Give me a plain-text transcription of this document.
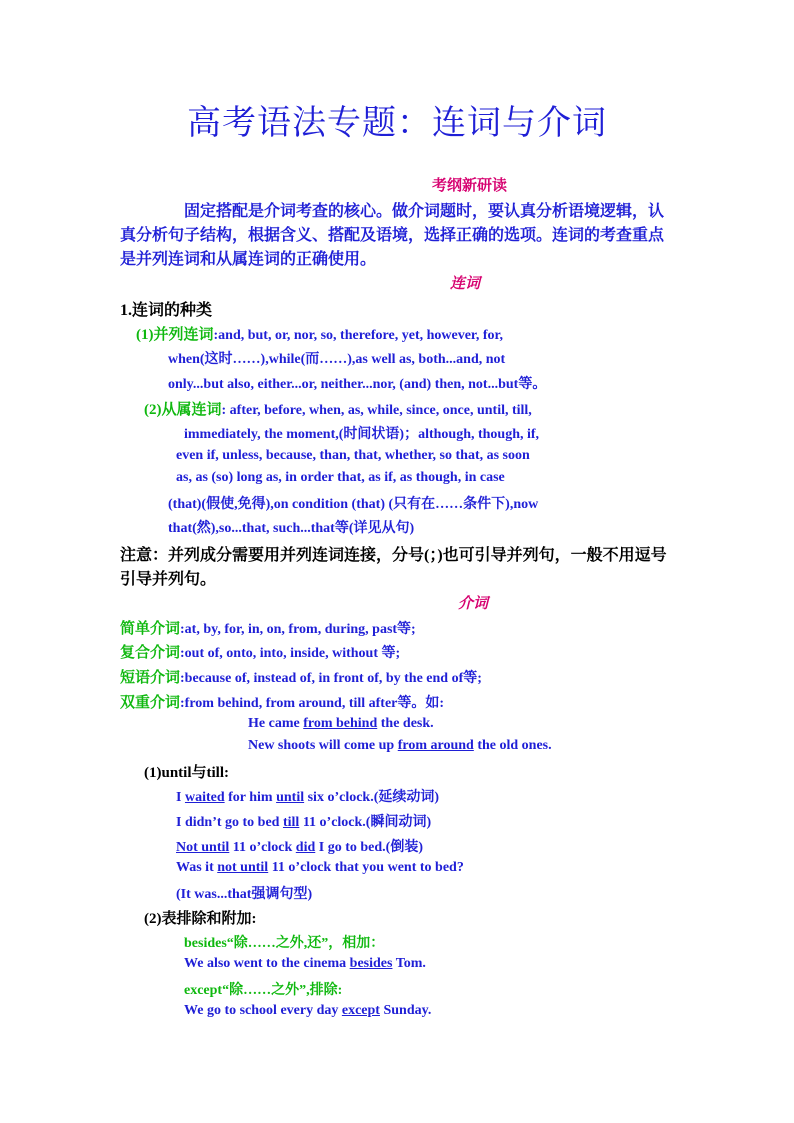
高考语法专题：连词与介词
考纲新研读
固定搭配是介词考查的核心。做介词题时，要认真分析语境逻辑，认
真分析句子结构，根据含义、搭配及语境，选择正确的选项。连词的考查重点
是并列连词和从属连词的正确使用。
连词
1.连词的种类
(1)并列连词:and, but, or, nor, so, therefore, yet, however, for,
when(这时……),while(而……),as well as, both...and, not
only...but also, either...or, neither...nor, (and) then, not...but等。
(2)从属连词: after, before, when, as, while, since, once, until, till,
immediately, the moment,(时间状语)；although, though, if,
even if, unless, because, than, that, whether, so that, as soon
as, as (so) long as, in order that, as if, as though, in case
(that)(假使,免得),on condition (that) (只有在……条件下),now
that(然),so...that, such...that等(详见从句)
注意：并列成分需要用并列连词连接，分号(；)也可引导并列句，一般不用逗号
引导并列句。
介词
简单介词:at, by, for, in, on, from, during, past等;
复合介词:out of, onto, into, inside, without 等;
短语介词:because of, instead of, in front of, by the end of等;
双重介词:from behind, from around, till after等。如:
He came from behind the desk.
New shoots will come up from around the old ones.
(1)until与till:
I waited for him until six o’clock.(延续动词)
I didn’t go to bed till 11 o’clock.(瞬间动词)
Not until 11 o’clock did I go to bed.(倒装)
Was it not until 11 o’clock that you went to bed?
(It was...that强调句型)
(2)表排除和附加:
besides“除……之外,还”，相加：
We also went to the cinema besides Tom.
except“除……之外”,排除:
We go to school every day except Sunday.
